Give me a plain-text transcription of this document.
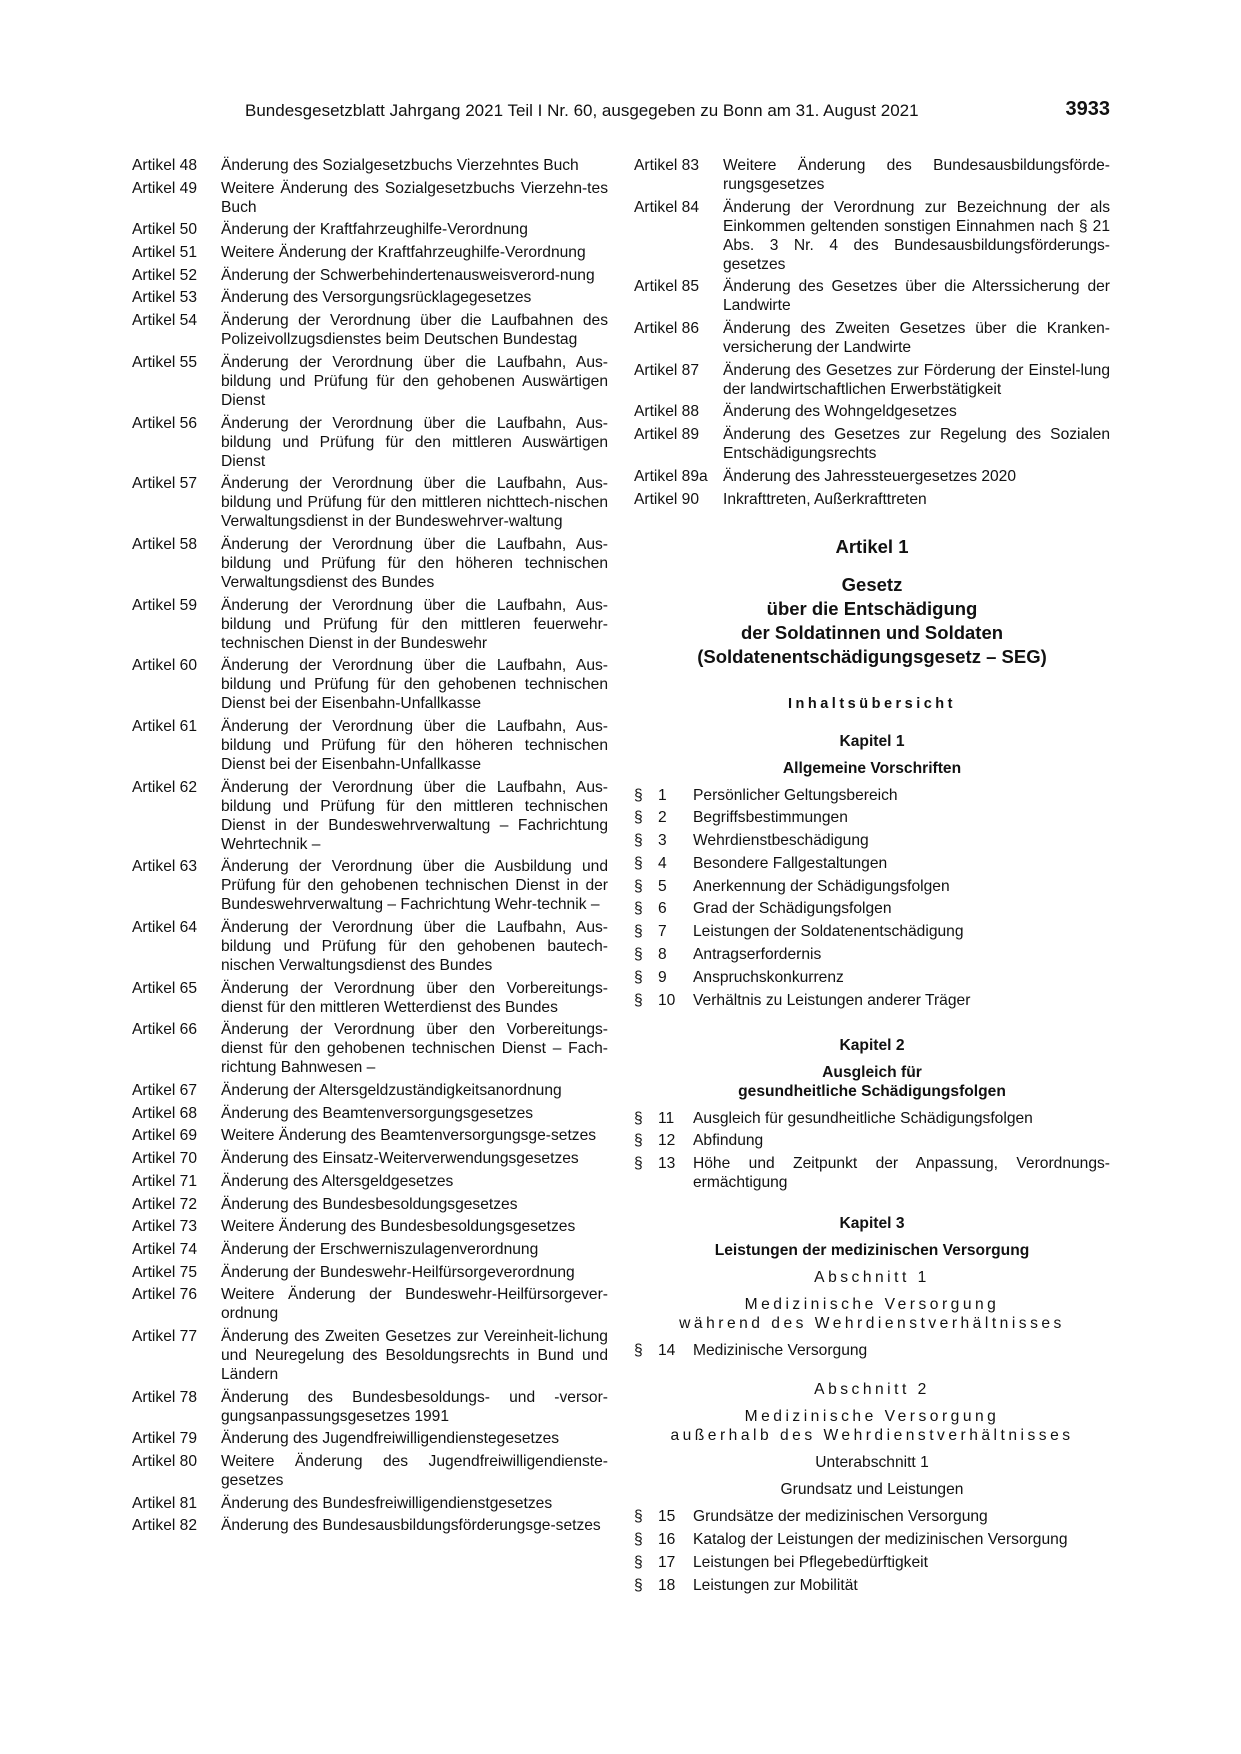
Bundesgesetzblatt Jahrgang 2021 Teil I Nr. 60, ausgegeben zu Bonn am 31. August 2021	3933
Artikel 48	Änderung des Sozialgesetzbuchs Vierzehntes Buch
Artikel 49	Weitere Änderung des Sozialgesetzbuchs Vierzehn-tes Buch
Artikel 50	Änderung der Kraftfahrzeughilfe-Verordnung
Artikel 51	Weitere Änderung der Kraftfahrzeughilfe-Verordnung
Artikel 52	Änderung der Schwerbehindertenausweisverord-nung
Artikel 53	Änderung des Versorgungsrücklagegesetzes
Artikel 54	Änderung der Verordnung über die Laufbahnen des Polizeivollzugsdienstes beim Deutschen Bundestag
Artikel 55	Änderung der Verordnung über die Laufbahn, Aus-bildung und Prüfung für den gehobenen Auswärtigen Dienst
Artikel 56	Änderung der Verordnung über die Laufbahn, Aus-bildung und Prüfung für den mittleren Auswärtigen Dienst
Artikel 57	Änderung der Verordnung über die Laufbahn, Aus-bildung und Prüfung für den mittleren nichttech-nischen Verwaltungsdienst in der Bundeswehrver-waltung
Artikel 58	Änderung der Verordnung über die Laufbahn, Aus-bildung und Prüfung für den höheren technischen Verwaltungsdienst des Bundes
Artikel 59	Änderung der Verordnung über die Laufbahn, Aus-bildung und Prüfung für den mittleren feuerwehr-technischen Dienst in der Bundeswehr
Artikel 60	Änderung der Verordnung über die Laufbahn, Aus-bildung und Prüfung für den gehobenen technischen Dienst bei der Eisenbahn-Unfallkasse
Artikel 61	Änderung der Verordnung über die Laufbahn, Aus-bildung und Prüfung für den höheren technischen Dienst bei der Eisenbahn-Unfallkasse
Artikel 62	Änderung der Verordnung über die Laufbahn, Aus-bildung und Prüfung für den mittleren technischen Dienst in der Bundeswehrverwaltung – Fachrichtung Wehrtechnik –
Artikel 63	Änderung der Verordnung über die Ausbildung und Prüfung für den gehobenen technischen Dienst in der Bundeswehrverwaltung – Fachrichtung Wehr-technik –
Artikel 64	Änderung der Verordnung über die Laufbahn, Aus-bildung und Prüfung für den gehobenen bautech-nischen Verwaltungsdienst des Bundes
Artikel 65	Änderung der Verordnung über den Vorbereitungs-dienst für den mittleren Wetterdienst des Bundes
Artikel 66	Änderung der Verordnung über den Vorbereitungs-dienst für den gehobenen technischen Dienst – Fach-richtung Bahnwesen –
Artikel 67	Änderung der Altersgeldzuständigkeitsanordnung
Artikel 68	Änderung des Beamtenversorgungsgesetzes
Artikel 69	Weitere Änderung des Beamtenversorgungsge-setzes
Artikel 70	Änderung des Einsatz-Weiterverwendungsgesetzes
Artikel 71	Änderung des Altersgeldgesetzes
Artikel 72	Änderung des Bundesbesoldungsgesetzes
Artikel 73	Weitere Änderung des Bundesbesoldungsgesetzes
Artikel 74	Änderung der Erschwerniszulagenverordnung
Artikel 75	Änderung der Bundeswehr-Heilfürsorgeverordnung
Artikel 76	Weitere Änderung der Bundeswehr-Heilfürsorgever-ordnung
Artikel 77	Änderung des Zweiten Gesetzes zur Vereinheit-lichung und Neuregelung des Besoldungsrechts in Bund und Ländern
Artikel 78	Änderung des Bundesbesoldungs- und -versor-gungsanpassungsgesetzes 1991
Artikel 79	Änderung des Jugendfreiwilligendienstegesetzes
Artikel 80	Weitere Änderung des Jugendfreiwilligendienste-gesetzes
Artikel 81	Änderung des Bundesfreiwilligendienstgesetzes
Artikel 82	Änderung des Bundesausbildungsförderungsge-setzes
Artikel 83	Weitere Änderung des Bundesausbildungsförde-rungsgesetzes
Artikel 84	Änderung der Verordnung zur Bezeichnung der als Einkommen geltenden sonstigen Einnahmen nach § 21 Abs. 3 Nr. 4 des Bundesausbildungsförderungs-gesetzes
Artikel 85	Änderung des Gesetzes über die Alterssicherung der Landwirte
Artikel 86	Änderung des Zweiten Gesetzes über die Kranken-versicherung der Landwirte
Artikel 87	Änderung des Gesetzes zur Förderung der Einstel-lung der landwirtschaftlichen Erwerbstätigkeit
Artikel 88	Änderung des Wohngeldgesetzes
Artikel 89	Änderung des Gesetzes zur Regelung des Sozialen Entschädigungsrechts
Artikel 89a Änderung des Jahressteuergesetzes 2020
Artikel 90	Inkrafttreten, Außerkrafttreten
Artikel 1
Gesetz
über die Entschädigung
der Soldatinnen und Soldaten
(Soldatenentschädigungsgesetz – SEG)
Inhaltsübersicht
Kapitel 1
Allgemeine Vorschriften
§ 1	Persönlicher Geltungsbereich
§ 2	Begriffsbestimmungen
§ 3	Wehrdienstbeschädigung
§ 4	Besondere Fallgestaltungen
§ 5	Anerkennung der Schädigungsfolgen
§ 6	Grad der Schädigungsfolgen
§ 7	Leistungen der Soldatenentschädigung
§ 8	Antragserfordernis
§ 9	Anspruchskonkurrenz
§ 10	Verhältnis zu Leistungen anderer Träger
Kapitel 2
Ausgleich für
gesundheitliche Schädigungsfolgen
§ 11	Ausgleich für gesundheitliche Schädigungsfolgen
§ 12	Abfindung
§ 13	Höhe und Zeitpunkt der Anpassung, Verordnungs-ermächtigung
Kapitel 3
Leistungen der medizinischen Versorgung
Abschnitt 1
Medizinische Versorgung
während des Wehrdienstverhältnisses
§ 14	Medizinische Versorgung
Abschnitt 2
Medizinische Versorgung
außerhalb des Wehrdienstverhältnisses
Unterabschnitt 1
Grundsatz und Leistungen
§ 15	Grundsätze der medizinischen Versorgung
§ 16	Katalog der Leistungen der medizinischen Versorgung
§ 17	Leistungen bei Pflegebedürftigkeit
§ 18	Leistungen zur Mobilität
